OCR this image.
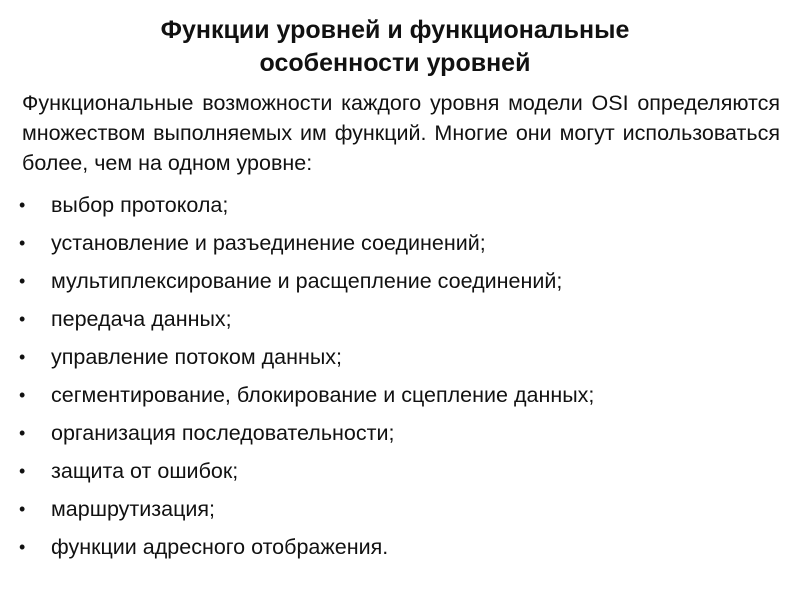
Функции уровней и функциональные
особенности уровней
Функциональные возможности каждого уровня модели OSI определяются множеством выполняемых им функций. Многие они могут использоваться более, чем на одном уровне:
• выбор протокола;
• установление и разъединение соединений;
• мультиплексирование и расщепление соединений;
• передача данных;
• управление потоком данных;
• сегментирование, блокирование и сцепление данных;
• организация последовательности;
• защита от ошибок;
• маршрутизация;
• функции адресного отображения.
